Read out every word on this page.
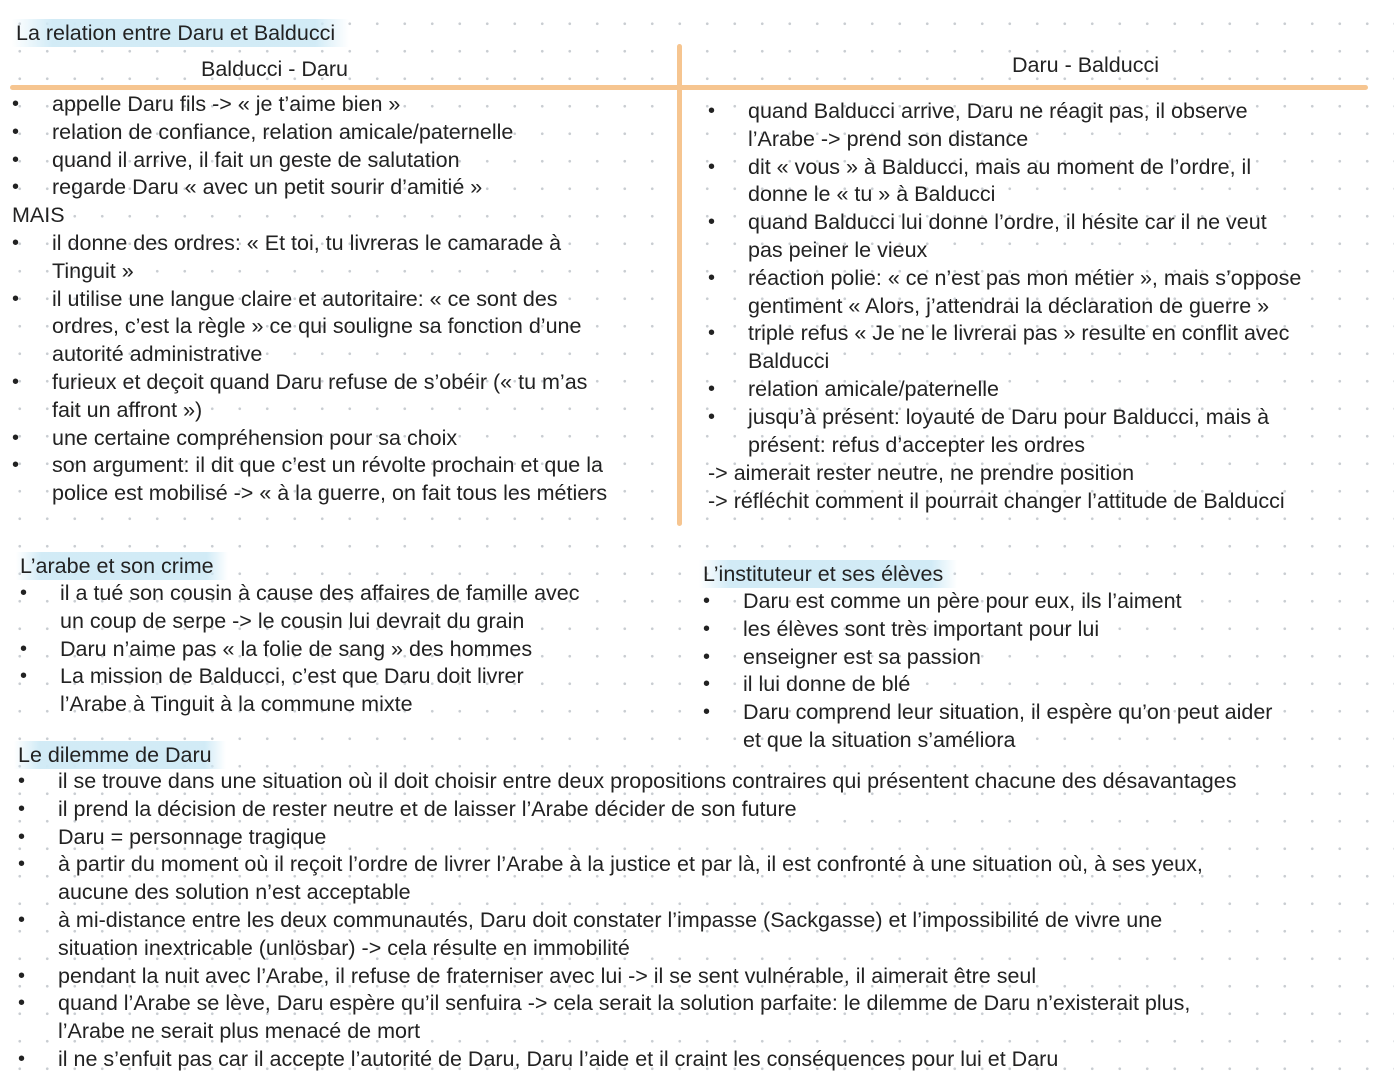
La relation entre Daru et Balducci
Balducci - Daru	Daru - Balducci
• appelle Daru fils -> « je t’aime bien »
• relation de confiance, relation amicale/paternelle
• quand il arrive, il fait un geste de salutation
• regarde Daru « avec un petit sourir d’amitié »
MAIS
• il donne des ordres: « Et toi, tu livreras le camarade à
Tinguit »
• il utilise une langue claire et autoritaire: « ce sont des
ordres, c’est la règle » ce qui souligne sa fonction d’une
autorité administrative
• furieux et deçoit quand Daru refuse de s’obéir (« tu m’as
fait un affront »)
• une certaine compréhension pour sa choix
• son argument: il dit que c’est un révolte prochain et que la
police est mobilisé -> « à la guerre, on fait tous les métiers
• quand Balducci arrive, Daru ne réagit pas, il observe
l’Arabe -> prend son distance
• dit « vous » à Balducci, mais au moment de l’ordre, il
donne le « tu » à Balducci
• quand Balducci lui donne l’ordre, il hésite car il ne veut
pas peiner le vieux
• réaction polie: « ce n’est pas mon métier », mais s’oppose
gentiment « Alors, j’attendrai la déclaration de guerre »
• triple refus « Je ne le livrerai pas » resulte en conflit avec
Balducci
• relation amicale/paternelle
• jusqu’à présent: loyauté de Daru pour Balducci, mais à
présent: refus d’accepter les ordres
-> aimerait rester neutre, ne prendre position
-> réfléchit comment il pourrait changer l’attitude de Balducci
L’arabe et son crime
• il a tué son cousin à cause des affaires de famille avec
un coup de serpe -> le cousin lui devrait du grain
• Daru n’aime pas « la folie de sang » des hommes
• La mission de Balducci, c’est que Daru doit livrer
l’Arabe à Tinguit à la commune mixte
L’instituteur et ses élèves
• Daru est comme un père pour eux, ils l’aiment
• les élèves sont très important pour lui
• enseigner est sa passion
• il lui donne de blé
• Daru comprend leur situation, il espère qu’on peut aider
et que la situation s’améliora
Le dilemme de Daru
• il se trouve dans une situation où il doit choisir entre deux propositions contraires qui présentent chacune des désavantages
• il prend la décision de rester neutre et de laisser l’Arabe décider de son future
• Daru = personnage tragique
• à partir du moment où il reçoit l’ordre de livrer l’Arabe à la justice et par là, il est confronté à une situation où, à ses yeux,
aucune des solution n’est acceptable
• à mi-distance entre les deux communautés, Daru doit constater l’impasse (Sackgasse) et l’impossibilité de vivre une
situation inextricable (unlösbar) -> cela résulte en immobilité
• pendant la nuit avec l’Arabe, il refuse de fraterniser avec lui -> il se sent vulnérable, il aimerait être seul
• quand l’Arabe se lève, Daru espère qu’il senfuira -> cela serait la solution parfaite: le dilemme de Daru n’existerait plus,
l’Arabe ne serait plus menacé de mort
• il ne s’enfuit pas car il accepte l’autorité de Daru, Daru l’aide et il craint les conséquences pour lui et Daru
